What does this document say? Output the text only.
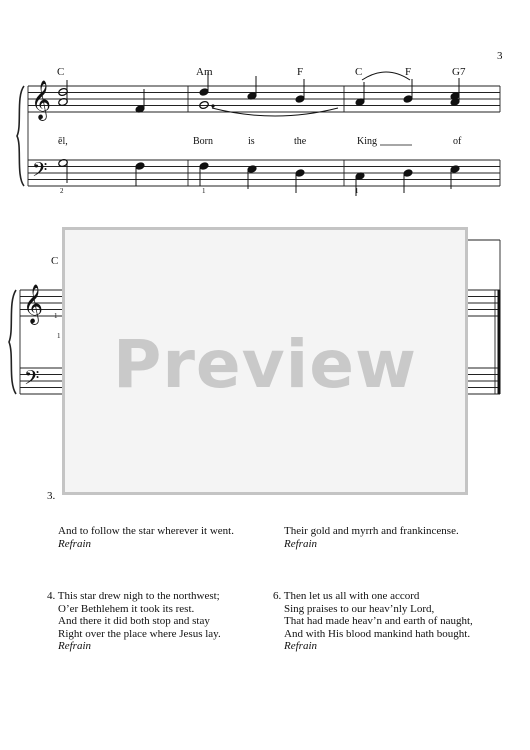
3
C	Am	F	C	F	G7
ēl,	Born	is	the	King	of
2	1	1
C
1
1
𝄞
𝄢
𝄞
𝄢
3.
And to follow the star wherever it went.
Refrain
Their gold and myrrh and frankincense.
Refrain
4. This star drew nigh to the northwest;
O’er Bethlehem it took its rest.
And there it did both stop and stay
Right over the place where Jesus lay.
Refrain
6. Then let us all with one accord
Sing praises to our heav’nly Lord,
That had made heav’n and earth of naught,
And with His blood mankind hath bought.
Refrain
Preview
